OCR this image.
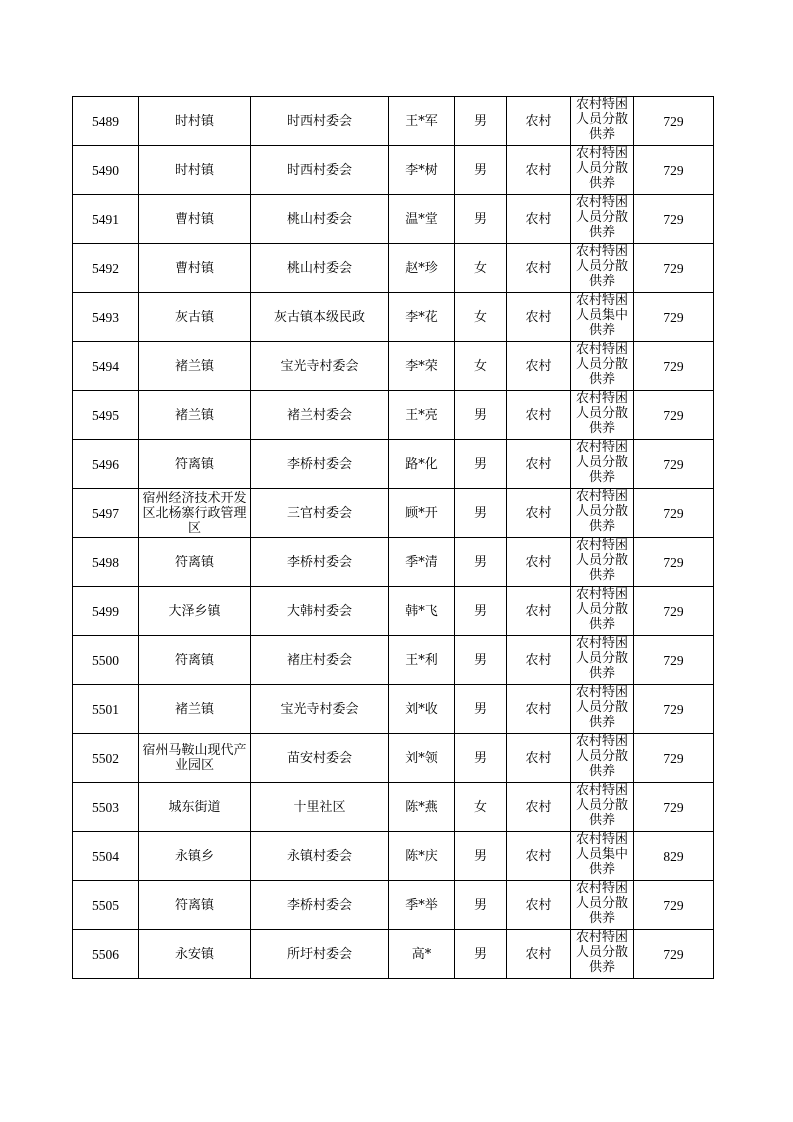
5489	时村镇	时西村委会	王*军	男	农村	农村特困人员分散供养	729
5490	时村镇	时西村委会	李*树	男	农村	农村特困人员分散供养	729
5491	曹村镇	桃山村委会	温*堂	男	农村	农村特困人员分散供养	729
5492	曹村镇	桃山村委会	赵*珍	女	农村	农村特困人员分散供养	729
5493	灰古镇	灰古镇本级民政	李*花	女	农村	农村特困人员集中供养	729
5494	褚兰镇	宝光寺村委会	李*荣	女	农村	农村特困人员分散供养	729
5495	褚兰镇	褚兰村委会	王*亮	男	农村	农村特困人员分散供养	729
5496	符离镇	李桥村委会	路*化	男	农村	农村特困人员分散供养	729
5497	宿州经济技术开发区北杨寨行政管理区	三官村委会	顾*开	男	农村	农村特困人员分散供养	729
5498	符离镇	李桥村委会	季*清	男	农村	农村特困人员分散供养	729
5499	大泽乡镇	大韩村委会	韩*飞	男	农村	农村特困人员分散供养	729
5500	符离镇	褚庄村委会	王*利	男	农村	农村特困人员分散供养	729
5501	褚兰镇	宝光寺村委会	刘*收	男	农村	农村特困人员分散供养	729
5502	宿州马鞍山现代产业园区	苗安村委会	刘*领	男	农村	农村特困人员分散供养	729
5503	城东街道	十里社区	陈*燕	女	农村	农村特困人员分散供养	729
5504	永镇乡	永镇村委会	陈*庆	男	农村	农村特困人员集中供养	829
5505	符离镇	李桥村委会	季*举	男	农村	农村特困人员分散供养	729
5506	永安镇	所圩村委会	高*	男	农村	农村特困人员分散供养	729
